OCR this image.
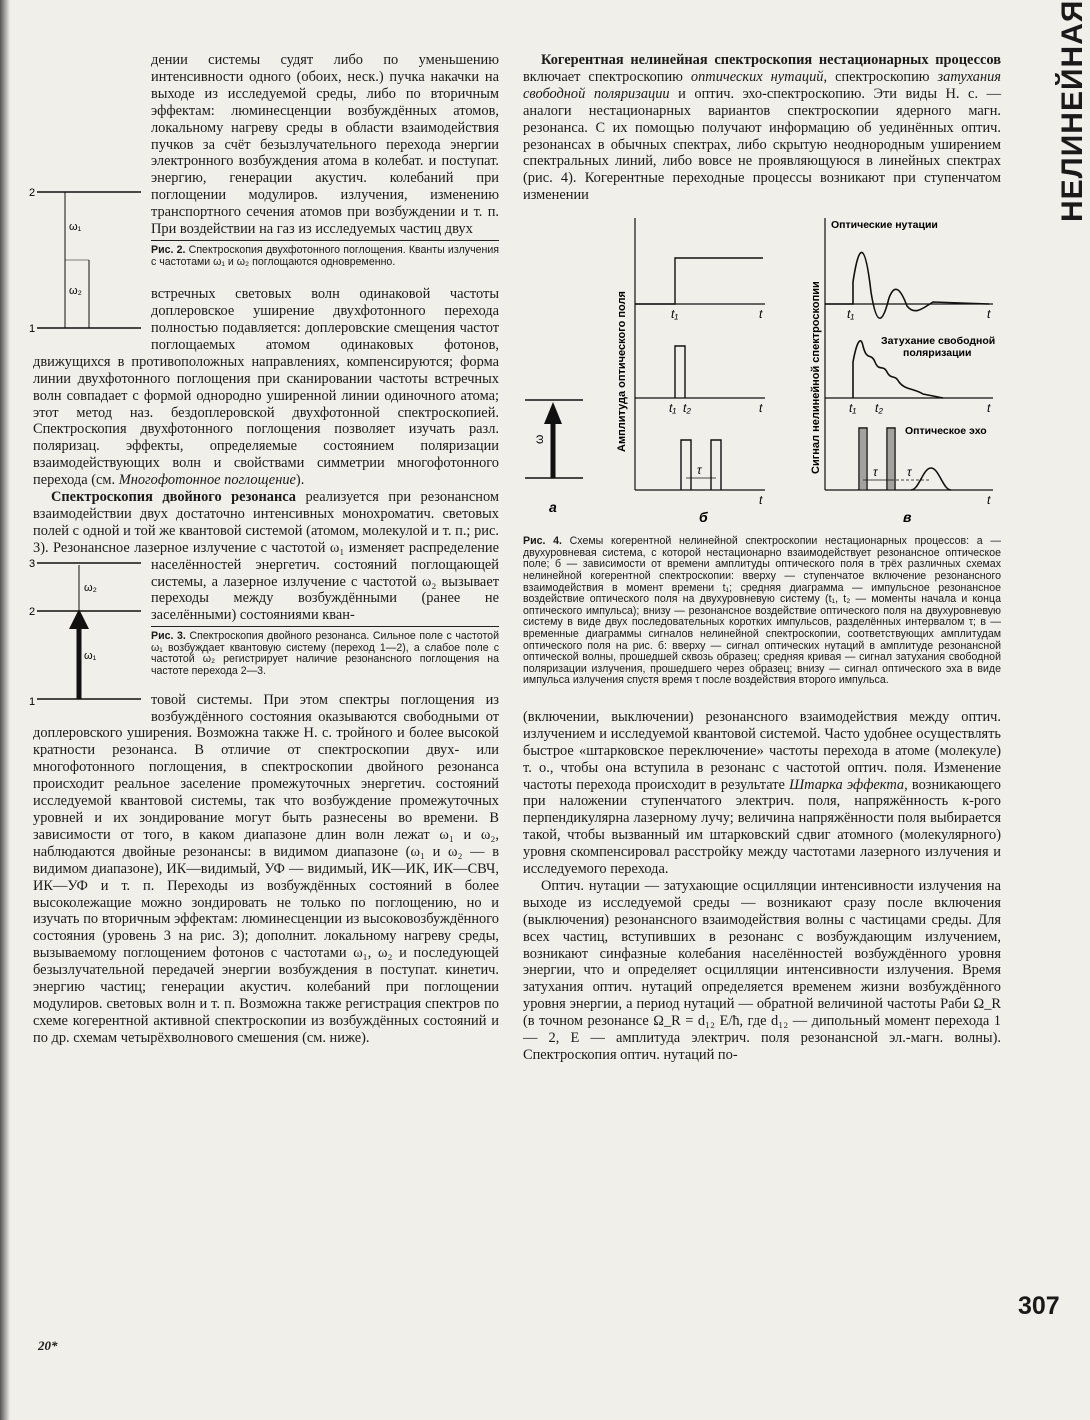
НЕЛИНЕЙНАЯ

2
1
ω₁
ω₂
дении системы судят либо по уменьшению интенсивности одного (обоих, неск.) пучка накачки на выходе из исследуемой среды, либо по вторичным эффектам: люминесценции возбуждённых атомов, локальному нагреву среды в области взаимодействия пучков за счёт безызлучательного перехода энергии электронного возбуждения атома в колебат. и поступат. энергию, генерации акустич. колебаний при поглощении модулиров. излучения, изменению транспортного сечения атомов при возбуждении и т. п. При воздействии на газ из исследуемых частиц двух

Рис. 2. Спектроскопия двухфотонного поглощения. Кванты излучения с частотами ω₁ и ω₂ поглощаются одновременно.

встречных световых волн одинаковой частоты доплеровское уширение двухфотонного перехода полностью подавляется: доплеровские смещения частот поглощаемых атомом одинаковых фотонов, движущихся в противоположных направлениях, компенсируются; форма линии двухфотонного поглощения при сканировании частоты встречных волн совпадает с формой однородно уширенной линии одиночного атома; этот метод наз. бездоплеровской двухфотонной спектроскопией. Спектроскопия двухфотонного поглощения позволяет изучать разл. поляризац. эффекты, определяемые состоянием поляризации взаимодействующих волн и свойствами симметрии многофотонного перехода (см. Многофотонное поглощение).

Спектроскопия двойного резонанса реализуется при резонансном взаимодействии двух достаточно интенсивных монохроматич. световых полей с одной и той же квантовой системой (атомом, молекулой и т. п.; рис. 3). Резонансное лазерное излучение с частотой ω₁ изменяет
3
2
1
ω₂
ω₁
распределение населённостей энергетич. состояний поглощающей системы, а лазерное излучение с частотой ω₂ вызывает переходы между возбуждёнными (ранее не заселёнными) состояниями кван-

Рис. 3. Спектроскопия двойного резонанса. Сильное поле с частотой ω₁ возбуждает квантовую систему (переход 1—2), а слабое поле с частотой ω₂ регистрирует наличие резонансного поглощения на частоте перехода 2—3.

товой системы. При этом спектры поглощения из возбуждённого состояния оказываются свободными от доплеровского уширения. Возможна также Н. с. тройного и более высокой кратности резонанса. В отличие от спектроскопии двух- или многофотонного поглощения, в спектроскопии двойного резонанса происходит реальное заселение промежуточных энергетич. состояний исследуемой квантовой системы, так что возбуждение промежуточных уровней и их зондирование могут быть разнесены во времени. В зависимости от того, в каком диапазоне длин волн лежат ω₁ и ω₂, наблюдаются двойные резонансы: в видимом диапазоне (ω₁ и ω₂ — в видимом диапазоне), ИК—видимый, УФ — видимый, ИК—ИК, ИК—СВЧ, ИК—УФ и т. п. Переходы из возбуждённых состояний в более высоколежащие можно зондировать не только по поглощению, но и изучать по вторичным эффектам: люминесценции из высоковозбуждённого состояния (уровень 3 на рис. 3); дополнит. локальному нагреву среды, вызываемому поглощением фотонов с частотами ω₁, ω₂ и последующей безызлучательной передачей энергии возбуждения в поступат. кинетич. энергию частиц; генерации акустич. колебаний при поглощении модулиров. световых волн и т. п. Возможна также регистрация спектров по схеме когерентной активной спектроскопии из возбуждённых состояний и по др. схемам четырёхволнового смешения (см. ниже).

Когерентная нелинейная спектроскопия нестационарных процессов включает спектроскопию оптических нутаций, спектроскопию затухания свободной поляризации и оптич. эхо-спектроскопию. Эти виды Н. с. — аналоги нестационарных вариантов спектроскопии ядерного магн. резонанса. С их помощью получают информацию об уединённых оптич. резонансах в обычных спектрах, либо скрытую неоднородным уширением спектральных линий, либо вовсе не проявляющуюся в линейных спектрах (рис. 4). Когерентные переходные процессы возникают при ступенчатом изменении

ω
а
Амплитуда оптического поля	t₁	t
t₁ t₂	t
τ
t
б
Сигнал нелинейной спектроскопии
Оптические нутации
t₁	t
Затухание свободной
поляризации
t₁ t₂	t
Оптическое эхо
τ τ
t
в
Рис. 4. Схемы когерентной нелинейной спектроскопии нестационарных процессов: а — двухуровневая система, с которой нестационарно взаимодействует резонансное оптическое поле; б — зависимости от времени амплитуды оптического поля в трёх различных схемах нелинейной когерентной спектроскопии: вверху — ступенчатое включение резонансного взаимодействия в момент времени t₁; средняя диаграмма — импульсное резонансное воздействие оптического поля на двухуровневую систему (t₁, t₂ — моменты начала и конца оптического импульса); внизу — резонансное воздействие оптического поля на двухуровневую систему в виде двух последовательных коротких импульсов, разделённых интервалом τ; в — временные диаграммы сигналов нелинейной спектроскопии, соответствующих амплитудам оптического поля на рис. б: вверху — сигнал оптических нутаций в амплитуде резонансной оптической волны, прошедшей сквозь образец; средняя кривая — сигнал затухания свободной поляризации излучения, прошедшего через образец; внизу — сигнал оптического эха в виде импульса излучения спустя время τ после воздействия второго импульса.

(включении, выключении) резонансного взаимодействия между оптич. излучением и исследуемой квантовой системой. Часто удобнее осуществлять быстрое «штарковское переключение» частоты перехода в атоме (молекуле) т. о., чтобы она вступила в резонанс с частотой оптич. поля. Изменение частоты перехода происходит в результате Штарка эффекта, возникающего при наложении ступенчатого электрич. поля, напряжённость к-рого перпендикулярна лазерному лучу; величина напряжённости поля выбирается такой, чтобы вызванный им штарковский сдвиг атомного (молекулярного) уровня скомпенсировал расстройку между частотами лазерного излучения и исследуемого перехода.

Оптич. нутации — затухающие осцилляции интенсивности излучения на выходе из исследуемой среды — возникают сразу после включения (выключения) резонансного взаимодействия волны с частицами среды. Для всех частиц, вступивших в резонанс с возбуждающим излучением, возникают синфазные колебания населённостей возбуждённого уровня энергии, что и определяет осцилляции интенсивности излучения. Время затухания оптич. нутаций определяется временем жизни возбуждённого уровня энергии, а период нутаций — обратной величиной частоты Раби Ω_R (в точном резонансе Ω_R = d₁₂ E/ħ, где d₁₂ — дипольный момент перехода 1 — 2, E — амплитуда электрич. поля резонансной эл.-магн. волны). Спектроскопия оптич. нутаций по-

307
20*
